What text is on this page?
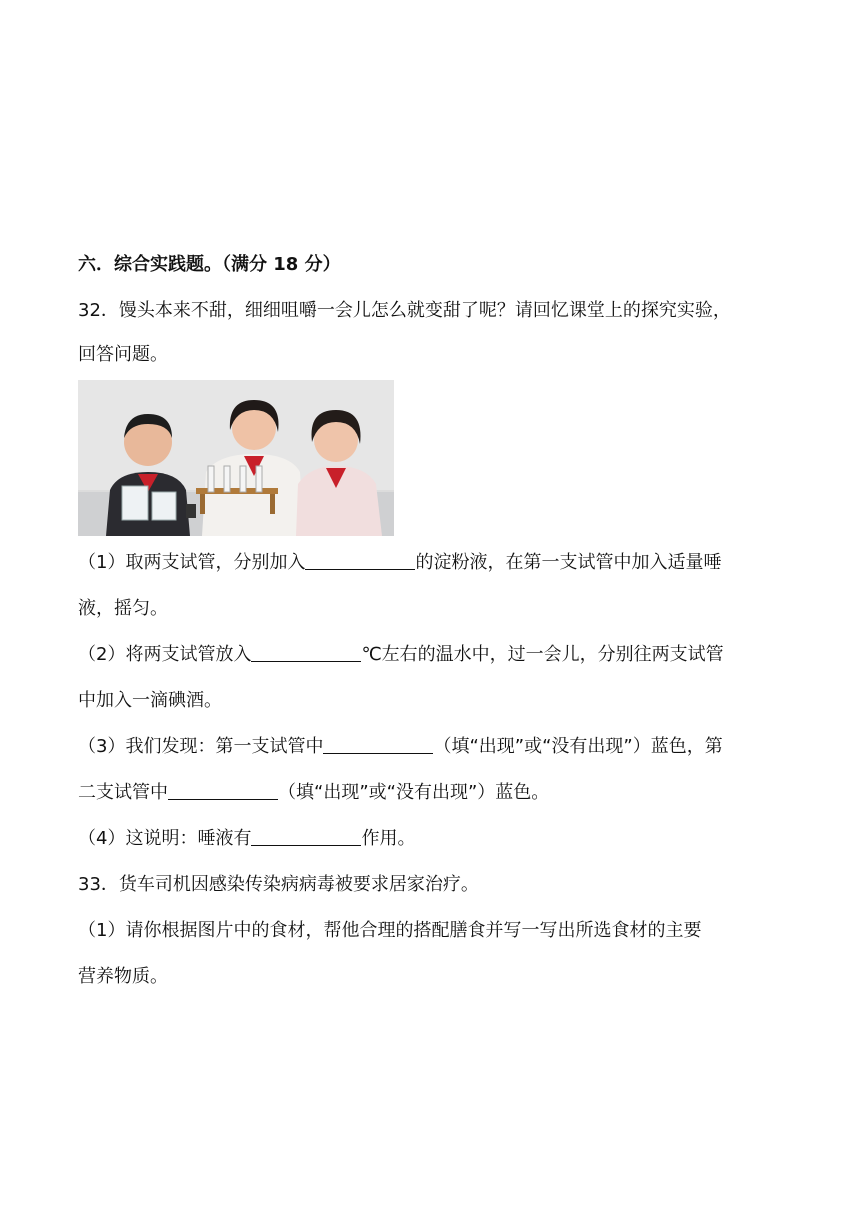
六．综合实践题。（满分 18 分）
32．馒头本来不甜，细细咀嚼一会儿怎么就变甜了呢？请回忆课堂上的探究实验，
回答问题。
（1）取两支试管，分别加入	的淀粉液，在第一支试管中加入适量唾
液，摇匀。
（2）将两支试管放入	℃左右的温水中，过一会儿，分别往两支试管
中加入一滴碘酒。
（3）我们发现：第一支试管中	（填“出现”或“没有出现”）蓝色，第
二支试管中	（填“出现”或“没有出现”）蓝色。
（4）这说明：唾液有	作用。
33．货车司机因感染传染病病毒被要求居家治疗。
（1）请你根据图片中的食材，帮他合理的搭配膳食并写一写出所选食材的主要
营养物质。
